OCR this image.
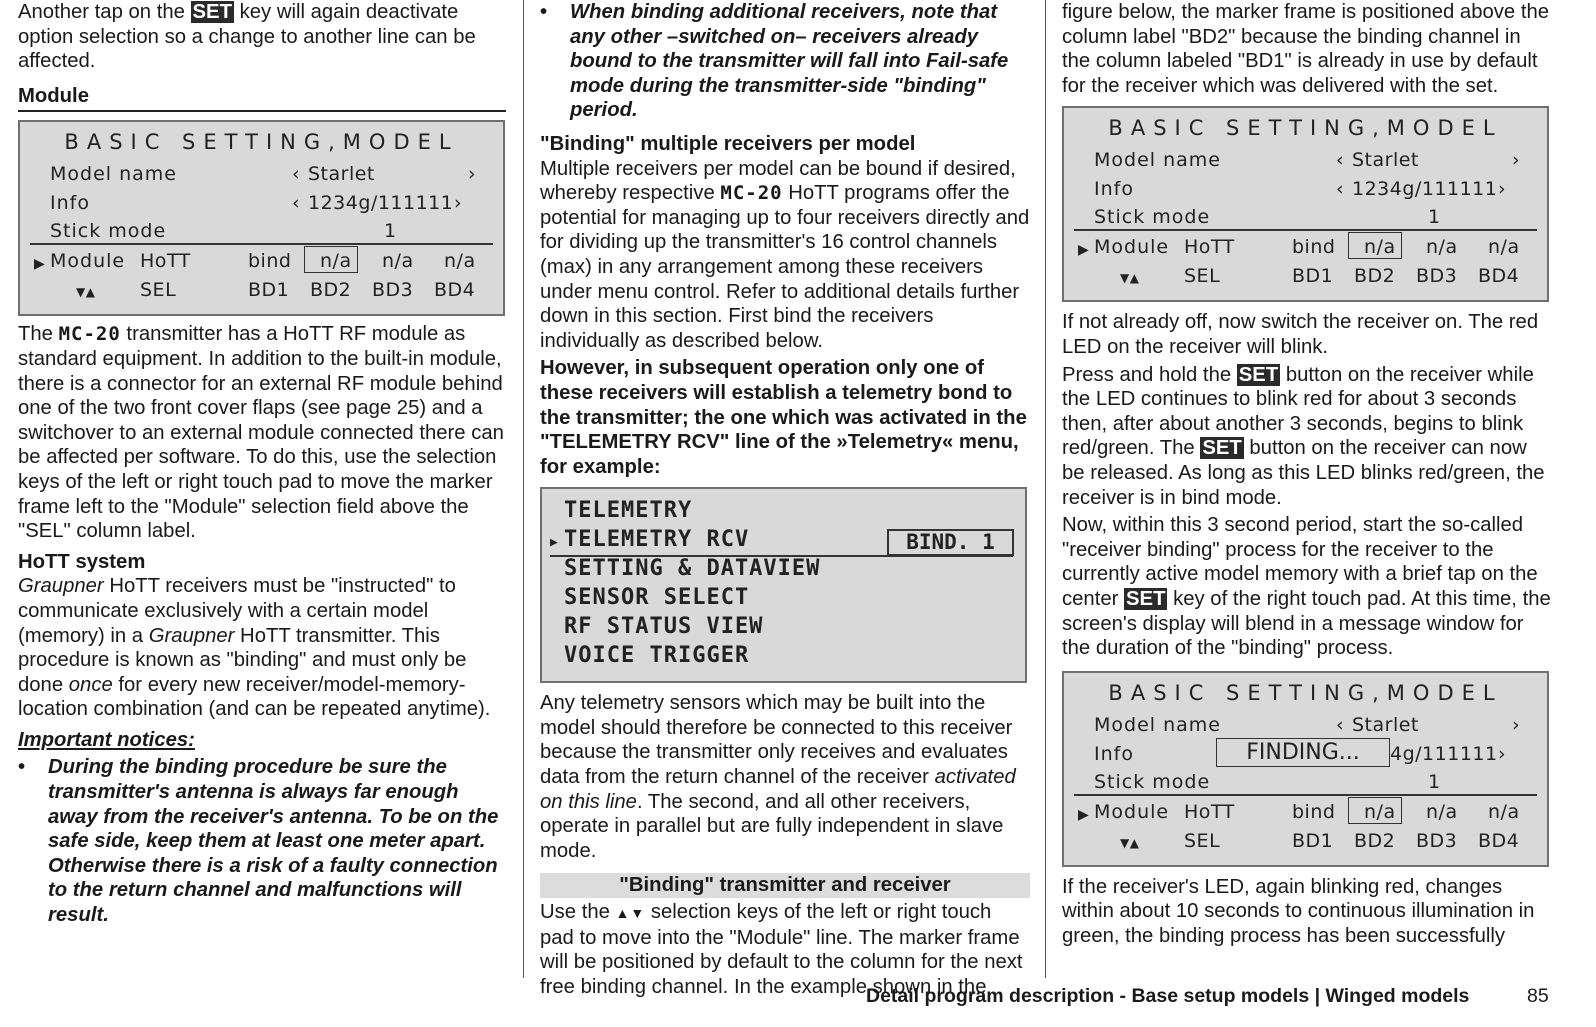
Another tap on the SET key will again deactivate option selection so a change to another line can be affected.

Module
BASIC SETTING,MODEL
Model name	‹ Starlet	›
Info	‹ 1234g/111111 ›
Stick mode	1
▶ Module HoTT	bind n/a n/a n/a
▼▲ SEL	BD1 BD2 BD3 BD4

The MC-20 transmitter has a HoTT RF module as standard equipment. In addition to the built-in module, there is a connector for an external RF module behind one of the two front cover flaps (see page 25) and a switchover to an external module connected there can be affected per software. To do this, use the selection keys of the left or right touch pad to move the marker frame left to the "Module" selection field above the "SEL" column label.

HoTT system

Graupner HoTT receivers must be "instructed" to communicate exclusively with a certain model (memory) in a Graupner HoTT transmitter. This procedure is known as "binding" and must only be done once for every new receiver/model-memory-location combination (and can be repeated anytime).

Important notices:
•	During the binding procedure be sure the transmitter's antenna is always far enough away from the receiver's antenna. To be on the safe side, keep them at least one meter apart. Otherwise there is a risk of a faulty connection to the return channel and malfunctions will result.
•	When binding additional receivers, note that any other –switched on– receivers already bound to the transmitter will fall into Fail-safe mode during the transmitter-side "binding" period.
"Binding" multiple receivers per model

Multiple receivers per model can be bound if desired, whereby respective MC-20 HoTT programs offer the potential for managing up to four receivers directly and for dividing up the transmitter's 16 control channels (max) in any arrangement among these receivers under menu control. Refer to additional details further down in this section. First bind the receivers individually as described below.

However, in subsequent operation only one of these receivers will establish a telemetry bond to the transmitter; the one which was activated in the "TELEMETRY RCV" line of the »Telemetry« menu, for example:

TELEMETRY
▶ TELEMETRY RCV	BIND. 1
SETTING & DATAVIEW
SENSOR SELECT
RF STATUS VIEW
VOICE TRIGGER

Any telemetry sensors which may be built into the model should therefore be connected to this receiver because the transmitter only receives and evaluates data from the return channel of the receiver activated on this line. The second, and all other receivers, operate in parallel but are fully independent in slave mode.

"Binding" transmitter and receiver

Use the ▲▼ selection keys of the left or right touch pad to move into the "Module" line. The marker frame will be positioned by default to the column for the next free binding channel. In the example shown in the

figure below, the marker frame is positioned above the column label "BD2" because the binding channel in the column labeled "BD1" is already in use by default for the receiver which was delivered with the set.

BASIC SETTING,MODEL
Model name	‹ Starlet	›
Info	‹ 1234g/111111 ›
Stick mode	1
▶ Module HoTT	bind n/a n/a n/a
▼▲ SEL	BD1 BD2 BD3 BD4

If not already off, now switch the receiver on. The red LED on the receiver will blink.

Press and hold the SET button on the receiver while the LED continues to blink red for about 3 seconds then, after about another 3 seconds, begins to blink red/green. The SET button on the receiver can now be released. As long as this LED blinks red/green, the receiver is in bind mode.

Now, within this 3 second period, start the so-called "receiver binding" process for the receiver to the currently active model memory with a brief tap on the center SET key of the right touch pad. At this time, the screen's display will blend in a message window for the duration of the "binding" process.

BASIC SETTING,MODEL
Model name	‹ Starlet	›
Info	FINDING...	4g/111111 ›
Stick mode	1
▶ Module HoTT	bind n/a n/a n/a
▼▲ SEL	BD1 BD2 BD3 BD4

If the receiver's LED, again blinking red, changes within about 10 seconds to continuous illumination in green, the binding process has been successfully

Detail program description - Base setup models | Winged models	85
